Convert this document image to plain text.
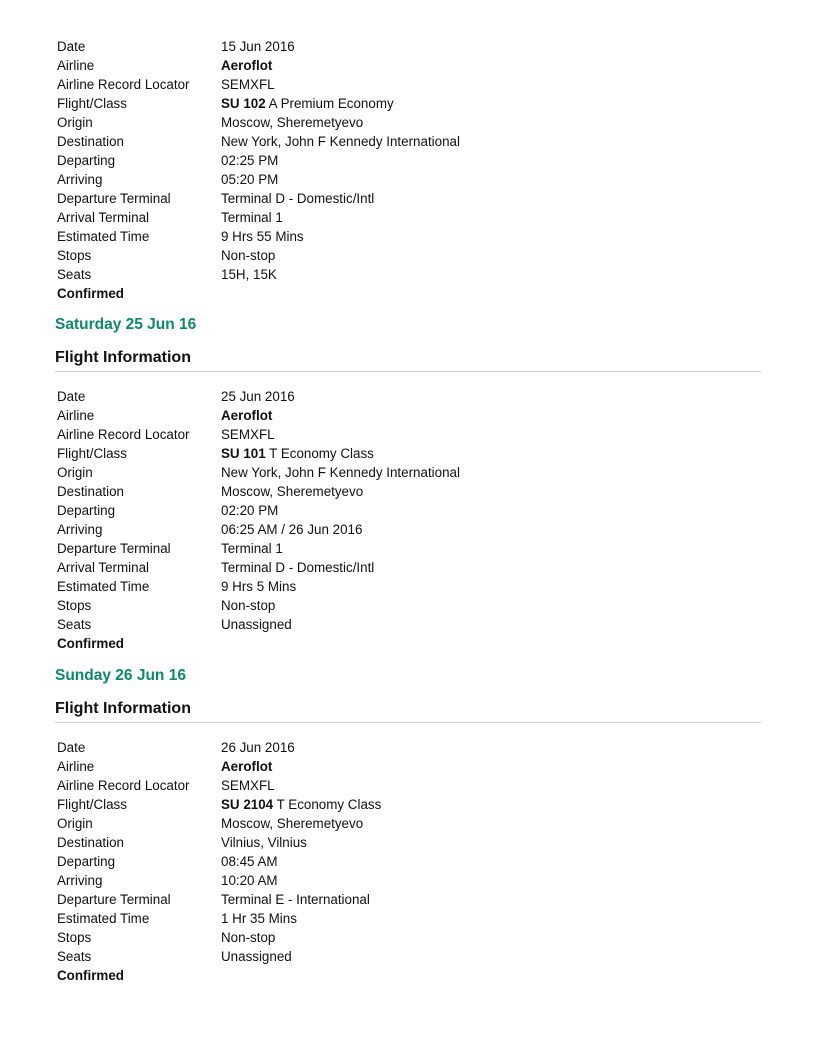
Date	15 Jun 2016
Airline	Aeroflot
Airline Record Locator	SEMXFL
Flight/Class	SU 102 A Premium Economy
Origin	Moscow, Sheremetyevo
Destination	New York, John F Kennedy International
Departing	02:25 PM
Arriving	05:20 PM
Departure Terminal	Terminal D - Domestic/Intl
Arrival Terminal	Terminal 1
Estimated Time	9 Hrs 55 Mins
Stops	Non-stop
Seats	15H, 15K
Confirmed
Saturday 25 Jun 16
Flight Information
Date	25 Jun 2016
Airline	Aeroflot
Airline Record Locator	SEMXFL
Flight/Class	SU 101 T Economy Class
Origin	New York, John F Kennedy International
Destination	Moscow, Sheremetyevo
Departing	02:20 PM
Arriving	06:25 AM / 26 Jun 2016
Departure Terminal	Terminal 1
Arrival Terminal	Terminal D - Domestic/Intl
Estimated Time	9 Hrs 5 Mins
Stops	Non-stop
Seats	Unassigned
Confirmed
Sunday 26 Jun 16
Flight Information
Date	26 Jun 2016
Airline	Aeroflot
Airline Record Locator	SEMXFL
Flight/Class	SU 2104 T Economy Class
Origin	Moscow, Sheremetyevo
Destination	Vilnius, Vilnius
Departing	08:45 AM
Arriving	10:20 AM
Departure Terminal	Terminal E - International
Estimated Time	1 Hr 35 Mins
Stops	Non-stop
Seats	Unassigned
Confirmed
